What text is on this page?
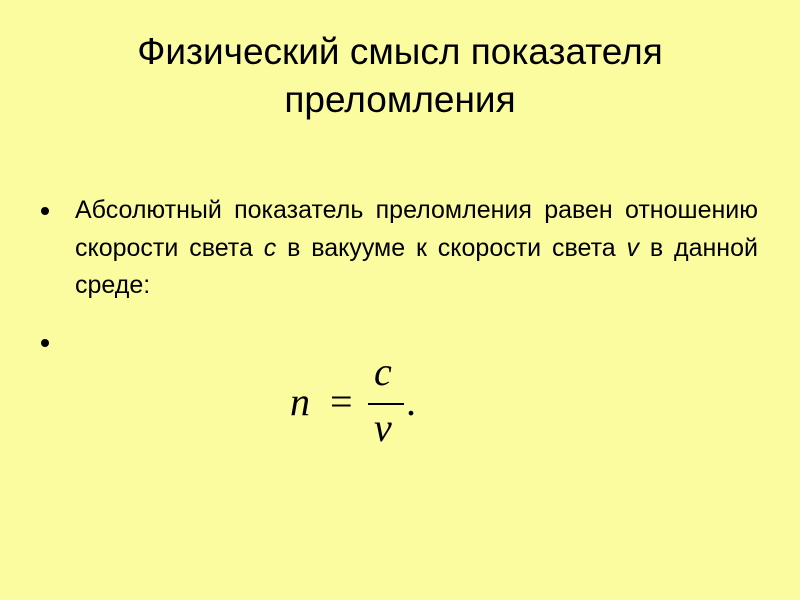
Физический смысл показателя преломления
Абсолютный показатель преломления равен отношению скорости света c в вакууме к скорости света v в данной среде:
n =
c
v
.
